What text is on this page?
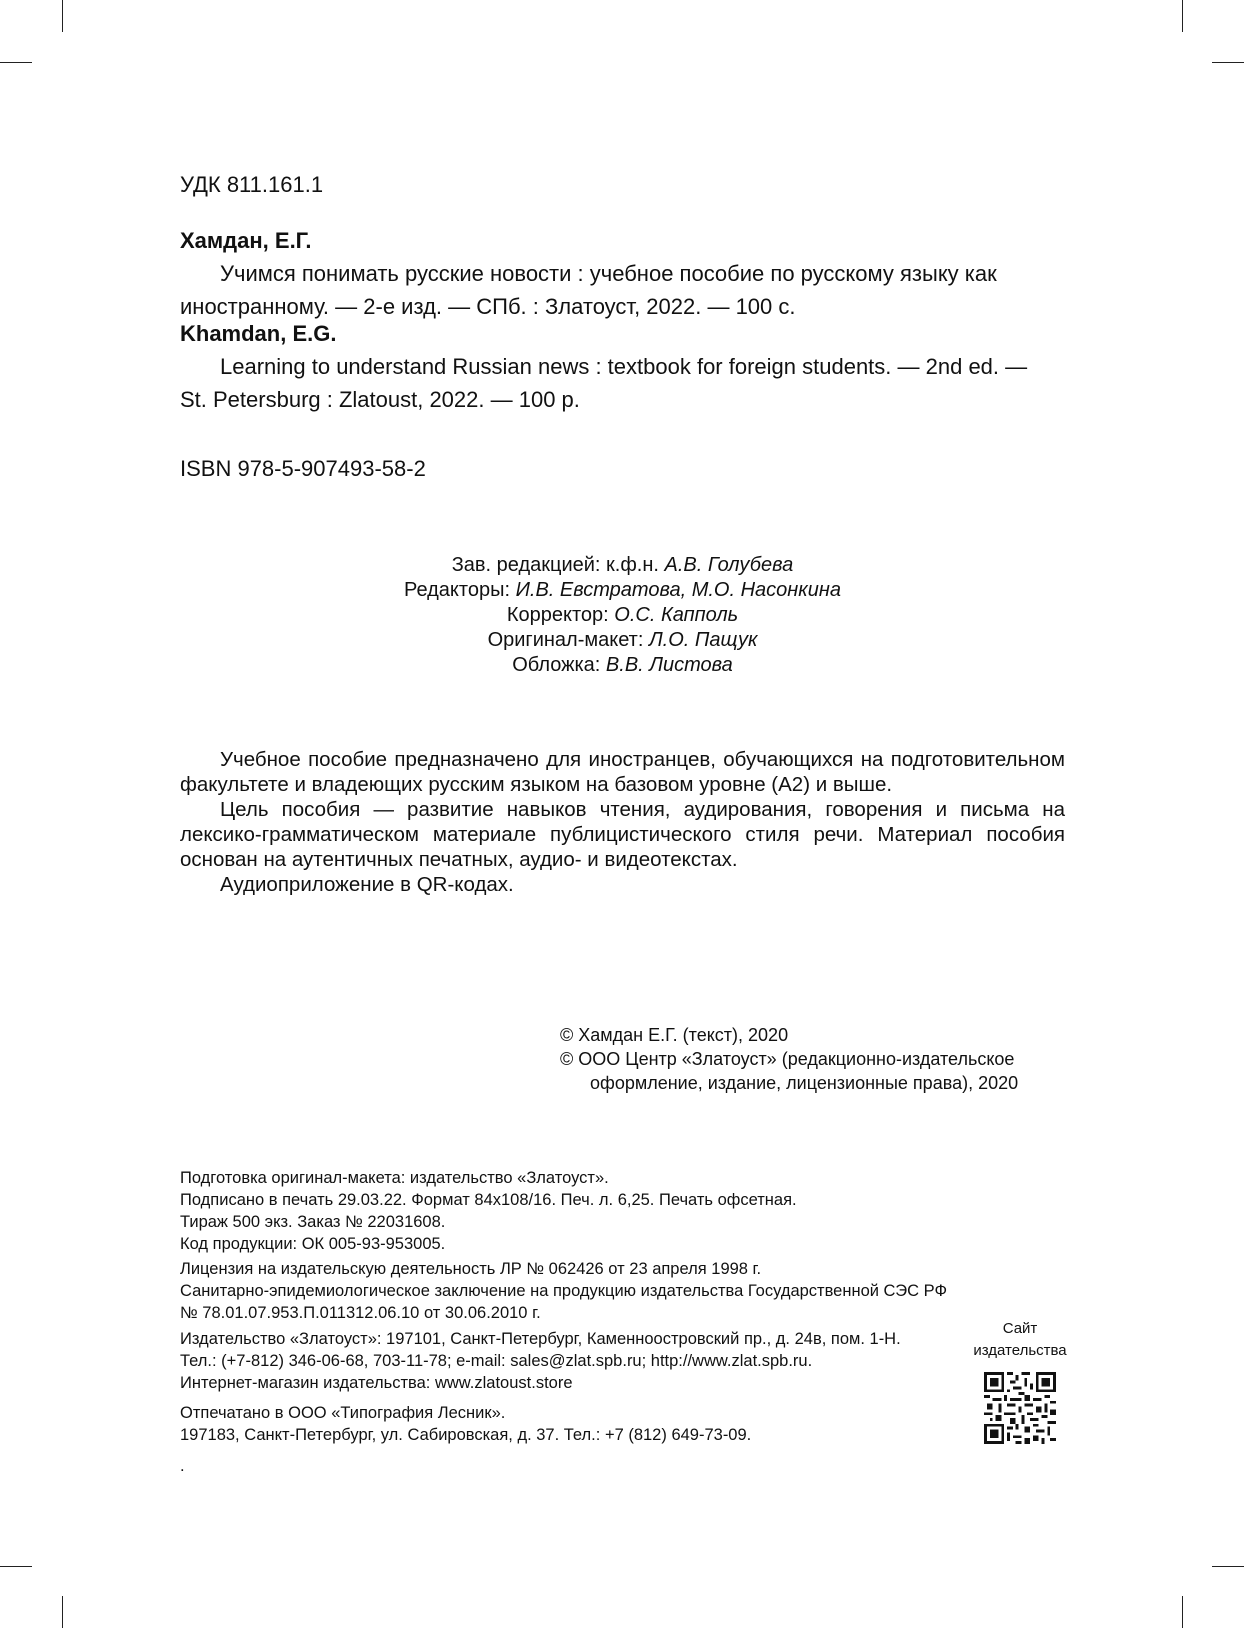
УДК 811.161.1

Хамдан, Е.Г.

Учимся понимать русские новости : учебное пособие по русскому языку как

иностранному. — 2-е изд. — СПб. : Златоуст, 2022. — 100 с.

Khamdan, E.G.

Learning to understand Russian news : textbook for foreign students. — 2nd ed. —

St. Petersburg : Zlatoust, 2022. — 100 p.

ISBN 978-5-907493-58-2

Зав. редакцией: к.ф.н. А.В. Голубева

Редакторы: И.В. Евстратова, М.О. Насонкина

Корректор: О.С. Капполь

Оригинал-макет: Л.О. Пащук

Обложка: В.В. Листова

Учебное пособие предназначено для иностранцев, обучающихся на подготовительном факультете и владеющих русским языком на базовом уровне (А2) и выше.

Цель пособия — развитие навыков чтения, аудирования, говорения и письма на лексико-грамматическом материале публицистического стиля речи. Материал пособия основан на аутентичных печатных, аудио- и видеотекстах.

Аудиоприложение в QR-кодах.

© Хамдан Е.Г. (текст), 2020

© ООО Центр «Златоуст» (редакционно-издательское

оформление, издание, лицензионные права), 2020

Подготовка оригинал-макета: издательство «Златоуст».

Подписано в печать 29.03.22. Формат 84х108/16. Печ. л. 6,25. Печать офсетная.

Тираж 500 экз. Заказ № 22031608.

Код продукции: ОК 005-93-953005.

Лицензия на издательскую деятельность ЛР № 062426 от 23 апреля 1998 г.

Санитарно-эпидемиологическое заключение на продукцию издательства Государственной СЭС РФ

№ 78.01.07.953.П.011312.06.10 от 30.06.2010 г.

Издательство «Златоуст»: 197101, Санкт-Петербург, Каменноостровский пр., д. 24в, пом. 1-Н.

Тел.: (+7-812) 346-06-68, 703-11-78; e-mail: sales@zlat.spb.ru; http://www.zlat.spb.ru.

Интернет-магазин издательства: www.zlatoust.store

Отпечатано в ООО «Типография Лесник».

197183, Санкт-Петербург, ул. Сабировская, д. 37. Тел.: +7 (812) 649-73-09.

.

Сайт

издательства
